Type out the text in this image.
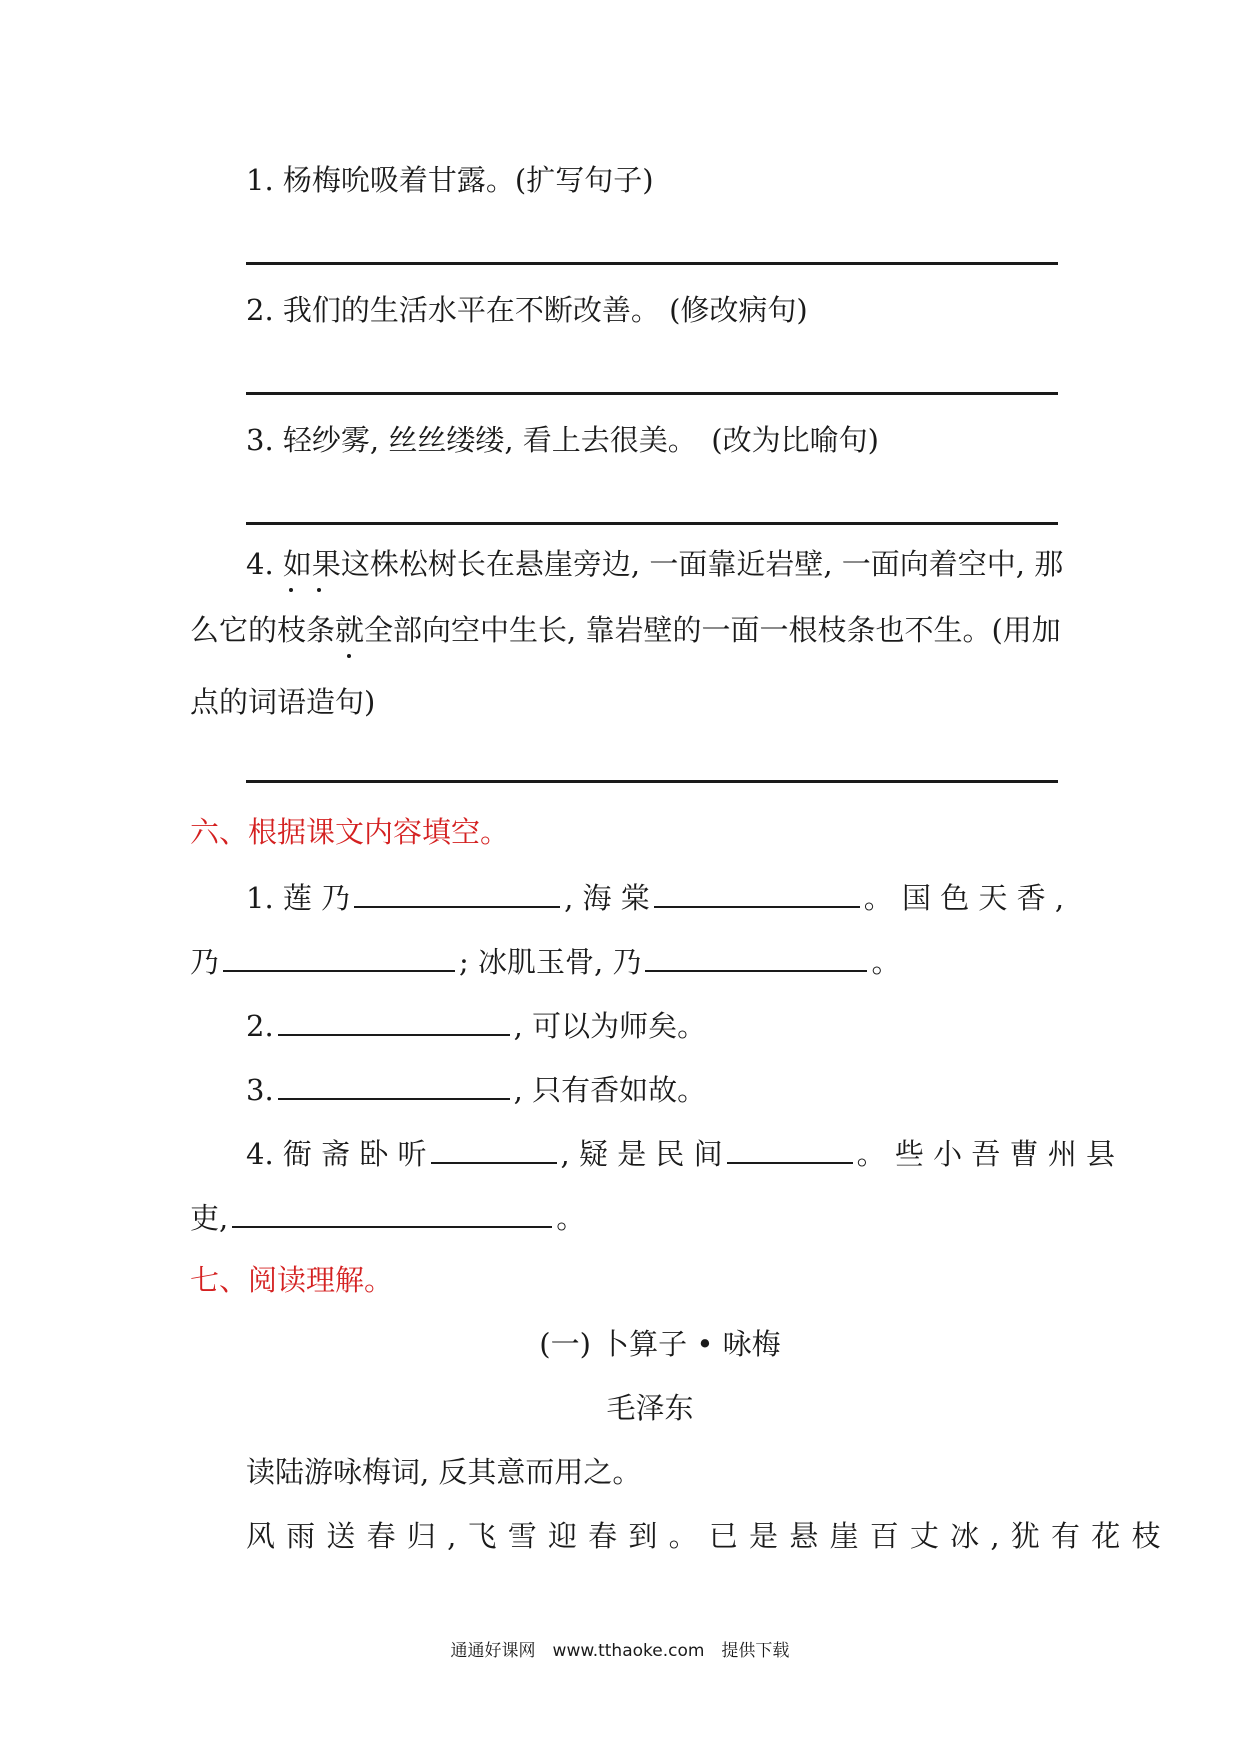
1. 杨梅吮吸着甘露。(扩写句子)
2. 我们的生活水平在不断改善。 (修改病句)
3. 轻纱雾, 丝丝缕缕, 看上去很美。　(改为比喻句)
4. 如果
这株松树长在悬崖旁边, 一面靠近岩壁, 一面向着空中, 那
么它的枝条就
全部向空中生长, 靠岩壁的一面一根枝条也不生。(用加
点的词语造句)
六、根据课文内容填空。
1. 莲 乃	, 海 棠	。 国 色 天 香 ,
乃	; 冰肌玉骨, 乃	。
2.	, 可以为师矣。
3.	, 只有香如故。
4. 衙 斋 卧 听	, 疑 是 民 间	。 些 小 吾 曹 州 县
吏,	。
七、阅读理解。
(一) 卜算子 • 咏梅
毛泽东
读陆游咏梅词, 反其意而用之。
风 雨 送 春 归 , 飞 雪 迎 春 到 。 已 是 悬 崖 百 丈 冰 , 犹 有 花 枝
通通好课网　www.tthaoke.com　提供下载
